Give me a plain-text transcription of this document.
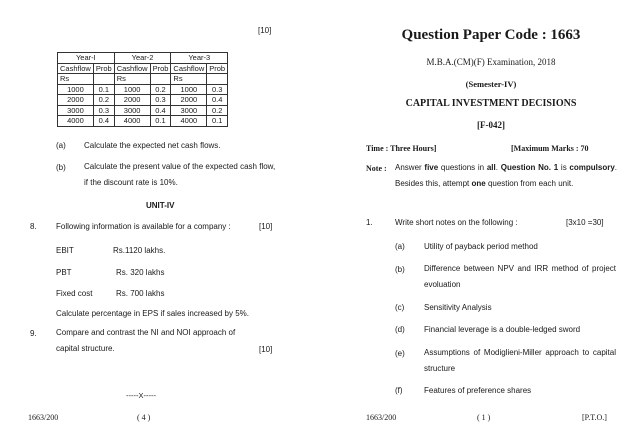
[10]
Year-I		Year-2		Year-3	
Cashflow	Prob	Cashflow	Prob	Cashflow	Prob
Rs		Rs		Rs	
1000	0.1	1000	0.2	1000	0.3
2000	0.2	2000	0.3	2000	0.4
3000	0.3	3000	0.4	3000	0.2
4000	0.4	4000	0.1	4000	0.1
(a) Calculate the expected net cash flows.
(b) Calculate the present value of the expected cash flow, if the discount rate is 10%.
UNIT-IV
8. Following information is available for a company :	[10]
EBIT	Rs.1120 lakhs.
PBT	Rs. 320 lakhs
Fixed cost	Rs. 700 lakhs
Calculate percentage in EPS if sales increased by 5%.
9. Compare and contrast the NI and NOI approach of capital structure.	[10]
-----X-----
1663/200	( 4 )
Question Paper Code : 1663
M.B.A.(CM)(F) Examination, 2018
(Semester-IV)
CAPITAL INVESTMENT DECISIONS
[F-042]
Time : Three Hours]	[Maximum Marks : 70
Note : Answer five questions in all. Question No. 1 is compulsory. Besides this, attempt one question from each unit.
1.	Write short notes on the following :	[3x10 =30]
(a) Utility of payback period method
(b) Difference between NPV and IRR method of project evoluation
(c) Sensitivity Analysis
(d) Financial leverage is a double-ledged sword
(e) Assumptions of Modiglieni-Miller approach to capital structure
(f)	Features of preference shares
1663/200	( 1 )	[P.T.O.]
